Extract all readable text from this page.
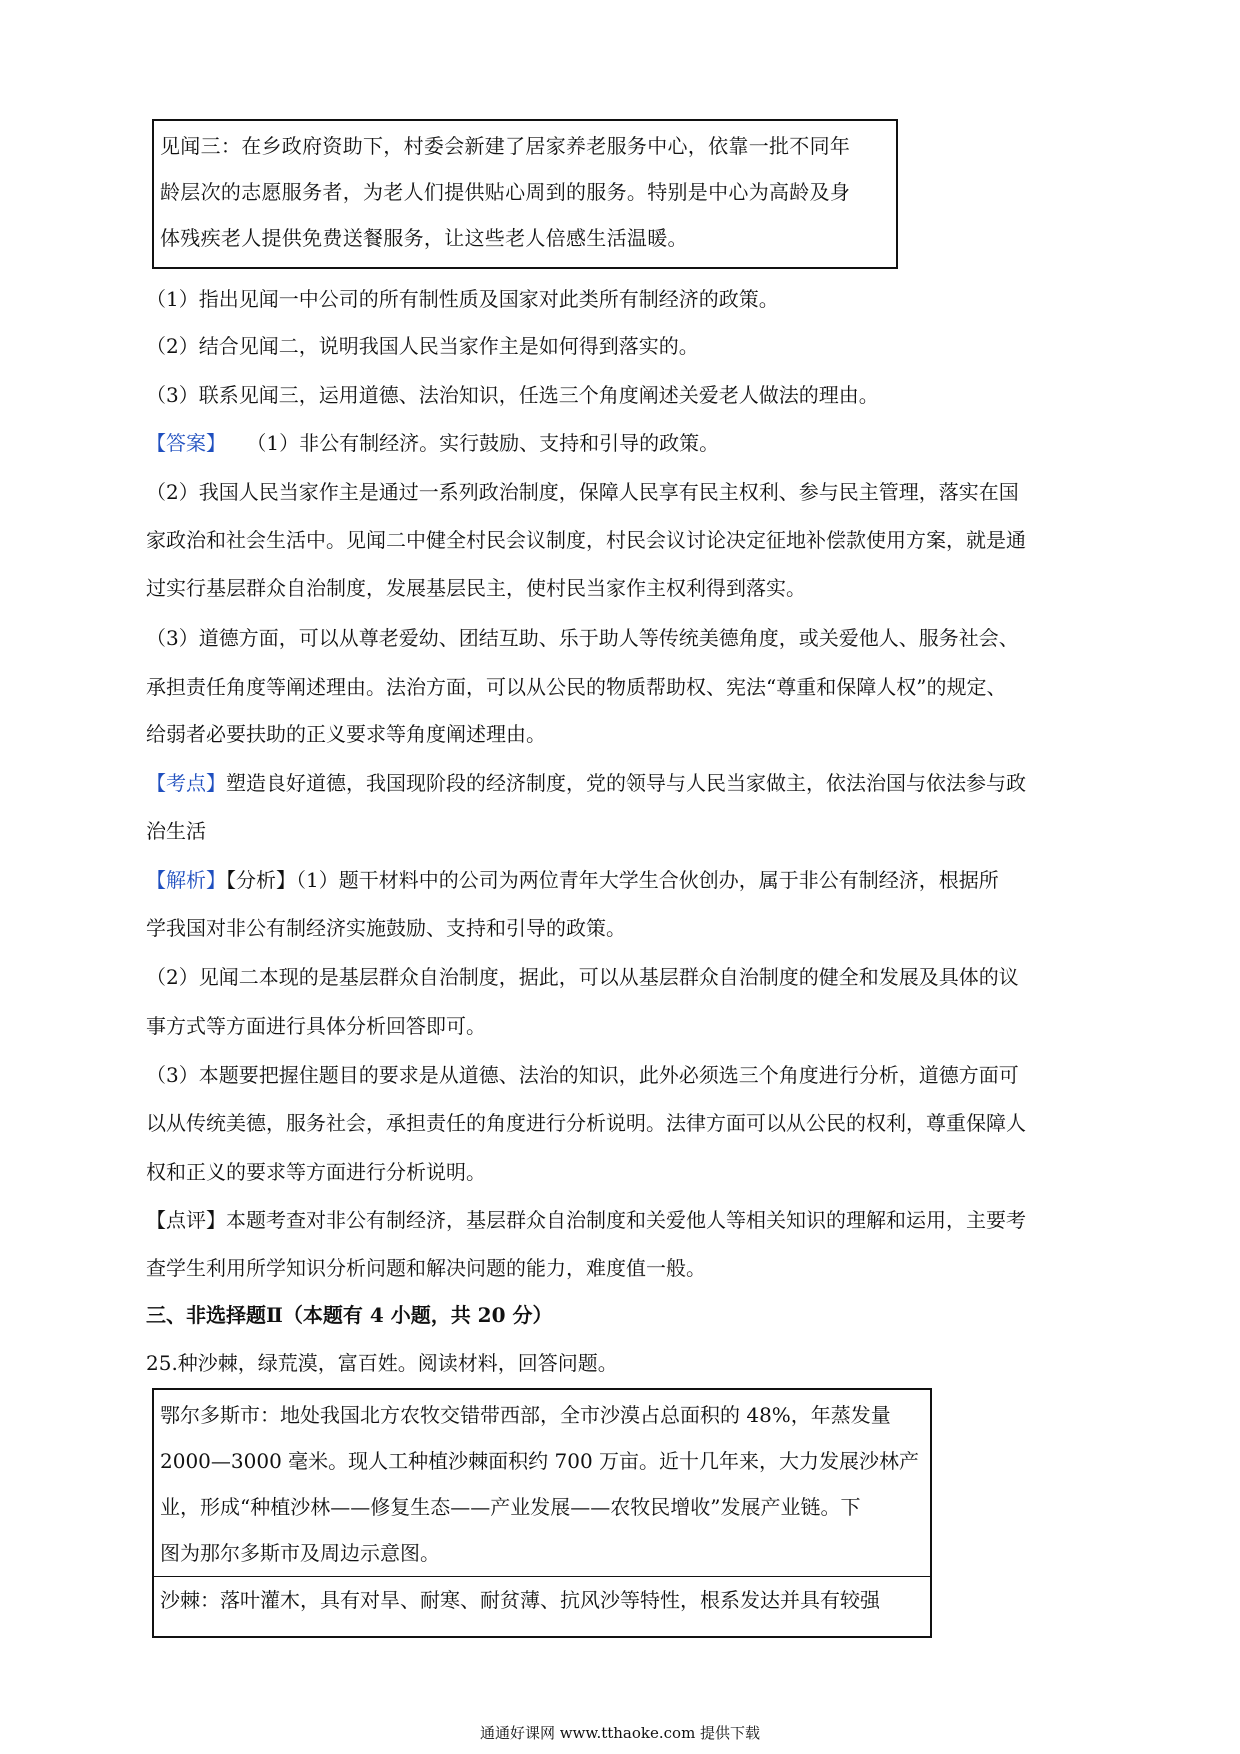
见闻三：在乡政府资助下，村委会新建了居家养老服务中心，依靠一批不同年

龄层次的志愿服务者，为老人们提供贴心周到的服务。特别是中心为高龄及身

体残疾老人提供免费送餐服务，让这些老人倍感生活温暖。

（1）指出见闻一中公司的所有制性质及国家对此类所有制经济的政策。
（2）结合见闻二，说明我国人民当家作主是如何得到落实的。
（3）联系见闻三，运用道德、法治知识，任选三个角度阐述关爱老人做法的理由。
【答案】 （1）非公有制经济。实行鼓励、支持和引导的政策。
（2）我国人民当家作主是通过一系列政治制度，保障人民享有民主权利、参与民主管理，落实在国
家政治和社会生活中。见闻二中健全村民会议制度，村民会议讨论决定征地补偿款使用方案，就是通
过实行基层群众自治制度，发展基层民主，使村民当家作主权利得到落实。
（3）道德方面，可以从尊老爱幼、团结互助、乐于助人等传统美德角度，或关爱他人、服务社会、
承担责任角度等阐述理由。法治方面，可以从公民的物质帮助权、宪法“尊重和保障人权”的规定、
给弱者必要扶助的正义要求等角度阐述理由。
【考点】塑造良好道德，我国现阶段的经济制度，党的领导与人民当家做主，依法治国与依法参与政
治生活
【解析】【分析】（1）题干材料中的公司为两位青年大学生合伙创办，属于非公有制经济，根据所
学我国对非公有制经济实施鼓励、支持和引导的政策。
（2）见闻二本现的是基层群众自治制度，据此，可以从基层群众自治制度的健全和发展及具体的议
事方式等方面进行具体分析回答即可。
（3）本题要把握住题目的要求是从道德、法治的知识，此外必须选三个角度进行分析，道德方面可
以从传统美德，服务社会，承担责任的角度进行分析说明。法律方面可以从公民的权利，尊重保障人
权和正义的要求等方面进行分析说明。
【点评】本题考查对非公有制经济，基层群众自治制度和关爱他人等相关知识的理解和运用，主要考
查学生利用所学知识分析问题和解决问题的能力，难度值一般。
三、非选择题Ⅱ（本题有 4 小题，共 20 分）
25.种沙棘，绿荒漠，富百姓。阅读材料，回答问题。

鄂尔多斯市：地处我国北方农牧交错带西部，全市沙漠占总面积的 48%，年蒸发量

2000—3000 毫米。现人工种植沙棘面积约 700 万亩。近十几年来，大力发展沙林产

业，形成“种植沙林——修复生态——产业发展——农牧民增收”发展产业链。下

图为那尔多斯市及周边示意图。

沙棘：落叶灌木，具有对旱、耐寒、耐贫薄、抗风沙等特性，根系发达并具有较强

通通好课网 www.tthaoke.com 提供下载
